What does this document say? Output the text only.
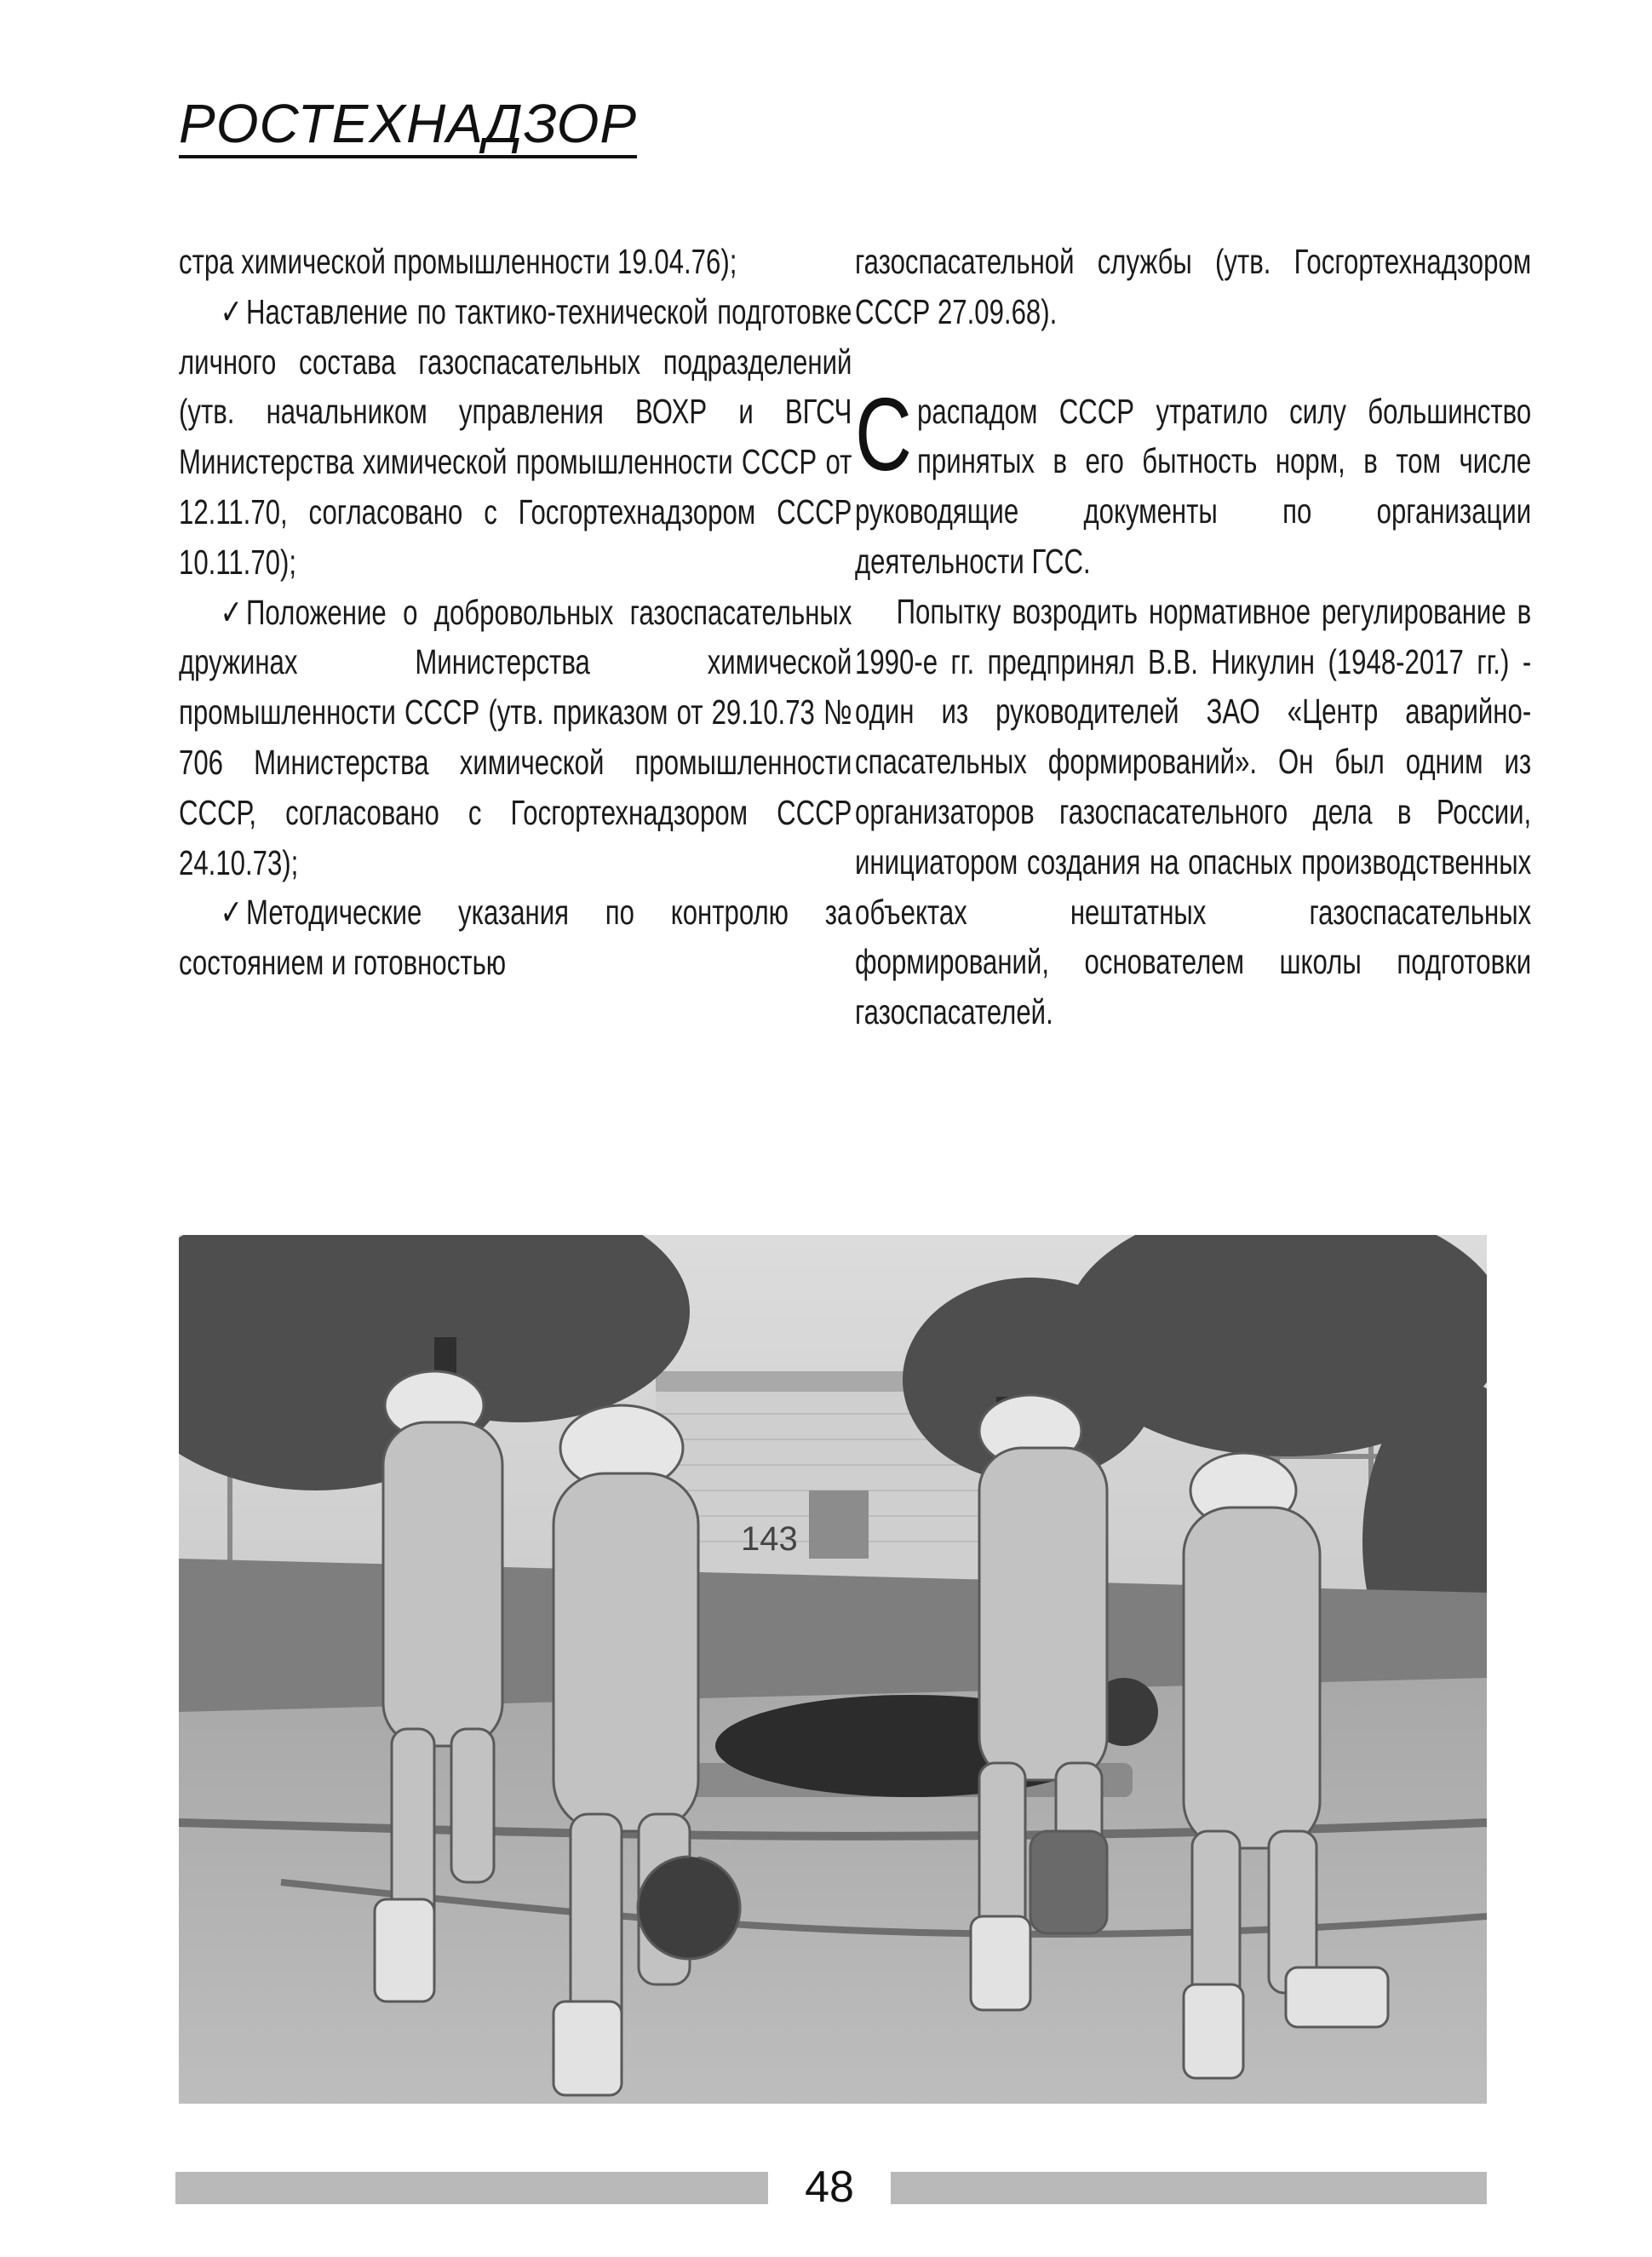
РОСТЕХНАДЗОР

стра химической промышленности 19.04.76);

✓ Наставление по тактико-технической подготовке личного состава газоспасательных подразделений (утв. начальником управления ВОХР и ВГСЧ Министерства химической промышленности СССР от 12.11.70, согласовано с Госгортехнадзором СССР 10.11.70);

✓ Положение о добровольных газоспасательных дружинах Министерства химической промышленности СССР (утв. приказом от 29.10.73 № 706 Министерства химической промышленности СССР, согласовано с Госгортехнадзором СССР 24.10.73);

✓ Методические указания по контролю за состоянием и готовностью

газоспасательной службы (утв. Госгортехнадзором СССР 27.09.68).

Сраспадом СССР утратило силу большинство принятых в его бытность норм, в том числе руководящие документы по организации деятельности ГСС.

Попытку возродить нормативное регулирование в 1990-е гг. предпринял В.В. Никулин (1948-2017 гг.) - один из руководителей ЗАО «Центр аварийно-спасательных формирований». Он был одним из организаторов газоспасательного дела в России, инициатором создания на опасных производственных объектах нештатных газоспасательных формирований, основателем школы подготовки газоспасателей.

143
48
